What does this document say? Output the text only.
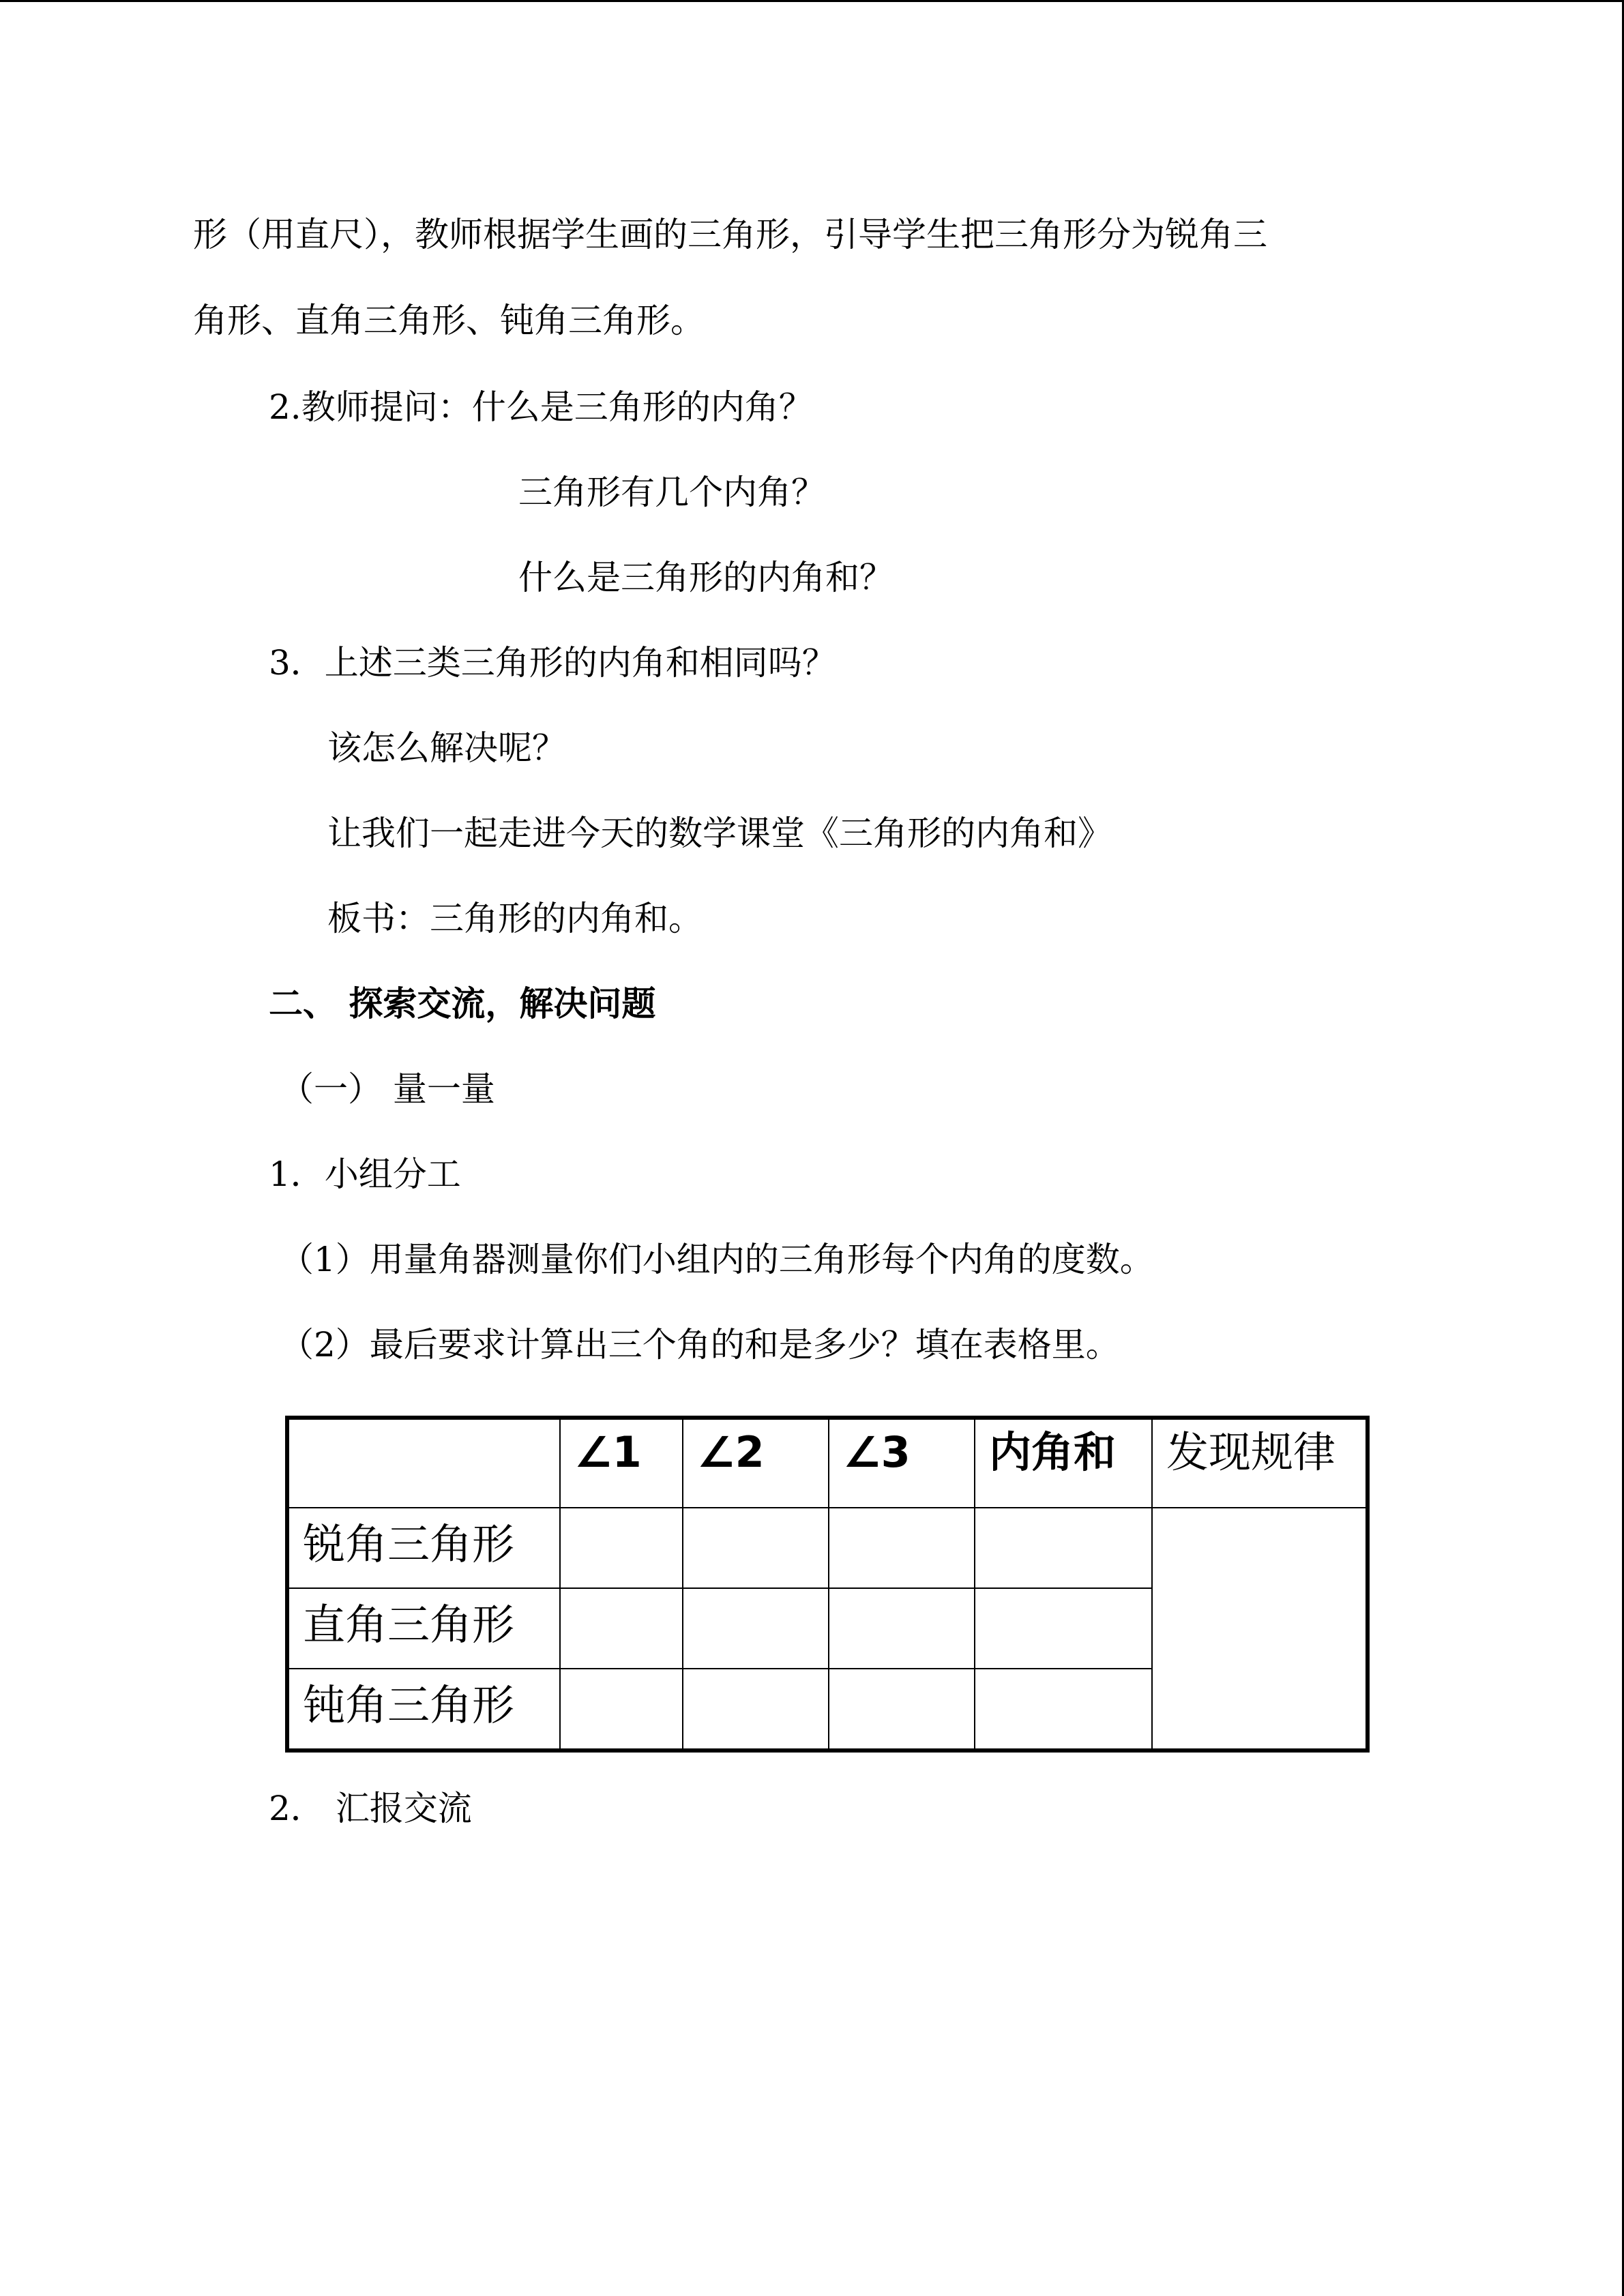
形（用直尺），教师根据学生画的三角形，引导学生把三角形分为锐角三
角形、直角三角形、钝角三角形。
2.教师提问：什么是三角形的内角？
三角形有几个内角？
什么是三角形的内角和？
3．上述三类三角形的内角和相同吗？
该怎么解决呢？
让我们一起走进今天的数学课堂《三角形的内角和》
板书：三角形的内角和。
二、 探索交流，解决问题
（一） 量一量
1．小组分工
（1）用量角器测量你们小组内的三角形每个内角的度数。
（2）最后要求计算出三个角的和是多少？填在表格里。
	∠1	∠2	∠3	内角和	发现规律
锐角三角形					
直角三角形					
钝角三角形					
2． 汇报交流
